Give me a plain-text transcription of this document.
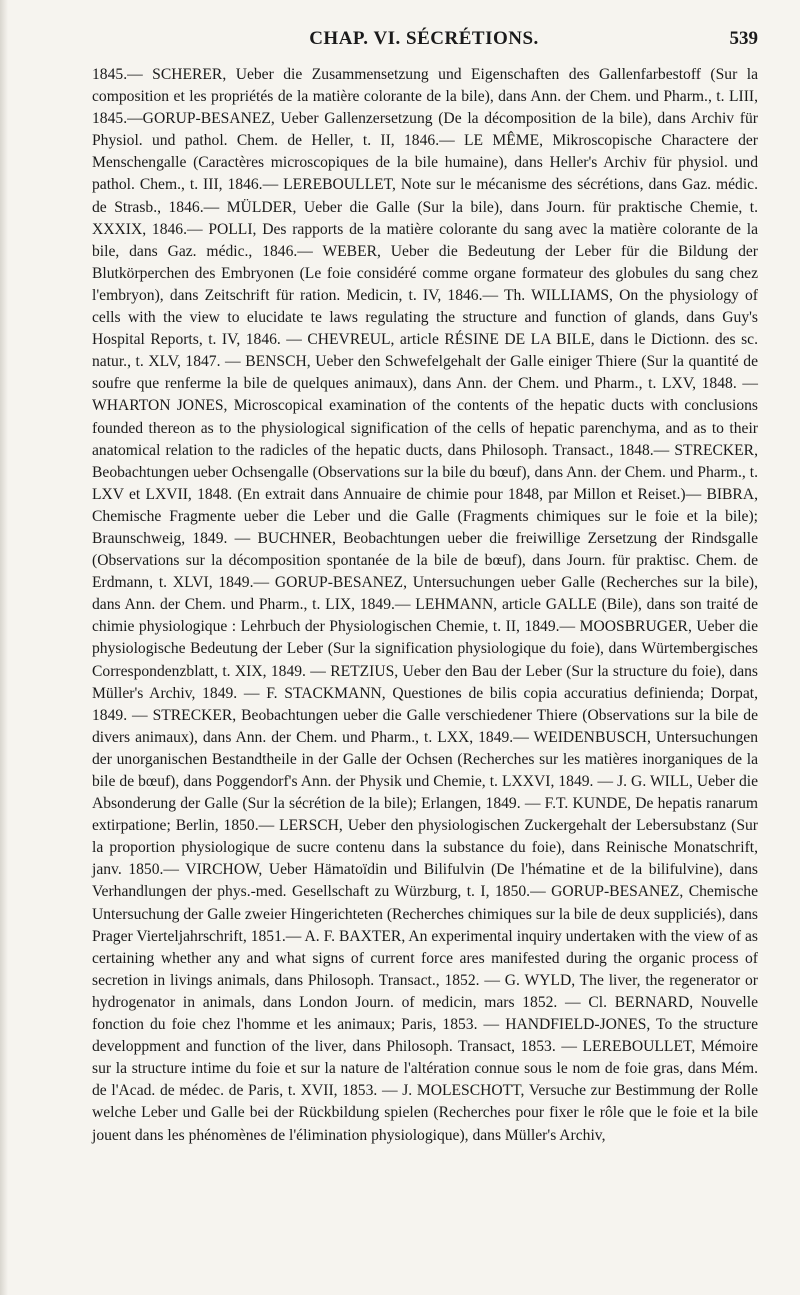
CHAP. VI. SÉCRÉTIONS.	539

1845.— SCHERER, Ueber die Zusammensetzung und Eigenschaften des Gallenfarbestoff (Sur la composition et les propriétés de la matière colorante de la bile), dans Ann. der Chem. und Pharm., t. LIII, 1845.—GORUP-BESANEZ, Ueber Gallenzersetzung (De la décomposition de la bile), dans Archiv für Physiol. und pathol. Chem. de Heller, t. II, 1846.— LE MÊME, Mikroscopische Charactere der Menschengalle (Caractères microscopiques de la bile humaine), dans Heller's Archiv für physiol. und pathol. Chem., t. III, 1846.— LEREBOULLET, Note sur le mécanisme des sécrétions, dans Gaz. médic. de Strasb., 1846.— MÜLDER, Ueber die Galle (Sur la bile), dans Journ. für praktische Chemie, t. XXXIX, 1846.— POLLI, Des rapports de la matière colorante du sang avec la matière colorante de la bile, dans Gaz. médic., 1846.— WEBER, Ueber die Bedeutung der Leber für die Bildung der Blutkörperchen des Embryonen (Le foie considéré comme organe formateur des globules du sang chez l'embryon), dans Zeitschrift für ration. Medicin, t. IV, 1846.— Th. WILLIAMS, On the physiology of cells with the view to elucidate te laws regulating the structure and function of glands, dans Guy's Hospital Reports, t. IV, 1846. — CHEVREUL, article RÉSINE DE LA BILE, dans le Dictionn. des sc. natur., t. XLV, 1847. — BENSCH, Ueber den Schwefelgehalt der Galle einiger Thiere (Sur la quantité de soufre que renferme la bile de quelques animaux), dans Ann. der Chem. und Pharm., t. LXV, 1848. — WHARTON JONES, Microscopical examination of the contents of the hepatic ducts with conclusions founded thereon as to the physiological signification of the cells of hepatic parenchyma, and as to their anatomical relation to the radicles of the hepatic ducts, dans Philosoph. Transact., 1848.— STRECKER, Beobachtungen ueber Ochsengalle (Observations sur la bile du bœuf), dans Ann. der Chem. und Pharm., t. LXV et LXVII, 1848. (En extrait dans Annuaire de chimie pour 1848, par Millon et Reiset.)— BIBRA, Chemische Fragmente ueber die Leber und die Galle (Fragments chimiques sur le foie et la bile); Braunschweig, 1849. — BUCHNER, Beobachtungen ueber die freiwillige Zersetzung der Rindsgalle (Observations sur la décomposition spontanée de la bile de bœuf), dans Journ. für praktisc. Chem. de Erdmann, t. XLVI, 1849.— GORUP-BESANEZ, Untersuchungen ueber Galle (Recherches sur la bile), dans Ann. der Chem. und Pharm., t. LIX, 1849.— LEHMANN, article GALLE (Bile), dans son traité de chimie physiologique : Lehrbuch der Physiologischen Chemie, t. II, 1849.— MOOSBRUGER, Ueber die physiologische Bedeutung der Leber (Sur la signification physiologique du foie), dans Würtembergisches Correspondenzblatt, t. XIX, 1849. — RETZIUS, Ueber den Bau der Leber (Sur la structure du foie), dans Müller's Archiv, 1849. — F. STACKMANN, Questiones de bilis copia accuratius definienda; Dorpat, 1849. — STRECKER, Beobachtungen ueber die Galle verschiedener Thiere (Observations sur la bile de divers animaux), dans Ann. der Chem. und Pharm., t. LXX, 1849.— WEIDENBUSCH, Untersuchungen der unorganischen Bestandtheile in der Galle der Ochsen (Recherches sur les matières inorganiques de la bile de bœuf), dans Poggendorf's Ann. der Physik und Chemie, t. LXXVI, 1849. — J. G. WILL, Ueber die Absonderung der Galle (Sur la sécrétion de la bile); Erlangen, 1849. — F.T. KUNDE, De hepatis ranarum extirpatione; Berlin, 1850.— LERSCH, Ueber den physiologischen Zuckergehalt der Lebersubstanz (Sur la proportion physiologique de sucre contenu dans la substance du foie), dans Reinische Monatschrift, janv. 1850.— VIRCHOW, Ueber Hämatoïdin und Bilifulvin (De l'hématine et de la bilifulvine), dans Verhandlungen der phys.-med. Gesellschaft zu Würzburg, t. I, 1850.— GORUP-BESANEZ, Chemische Untersuchung der Galle zweier Hingerichteten (Recherches chimiques sur la bile de deux suppliciés), dans Prager Vierteljahrschrift, 1851.— A. F. BAXTER, An experimental inquiry undertaken with the view of as certaining whether any and what signs of current force ares manifested during the organic process of secretion in livings animals, dans Philosoph. Transact., 1852. — G. WYLD, The liver, the regenerator or hydrogenator in animals, dans London Journ. of medicin, mars 1852. — Cl. BERNARD, Nouvelle fonction du foie chez l'homme et les animaux; Paris, 1853. — HANDFIELD-JONES, To the structure developpment and function of the liver, dans Philosoph. Transact, 1853. — LEREBOULLET, Mémoire sur la structure intime du foie et sur la nature de l'altération connue sous le nom de foie gras, dans Mém. de l'Acad. de médec. de Paris, t. XVII, 1853. — J. MOLESCHOTT, Versuche zur Bestimmung der Rolle welche Leber und Galle bei der Rückbildung spielen (Recherches pour fixer le rôle que le foie et la bile jouent dans les phénomènes de l'élimination physiologique), dans Müller's Archiv,
